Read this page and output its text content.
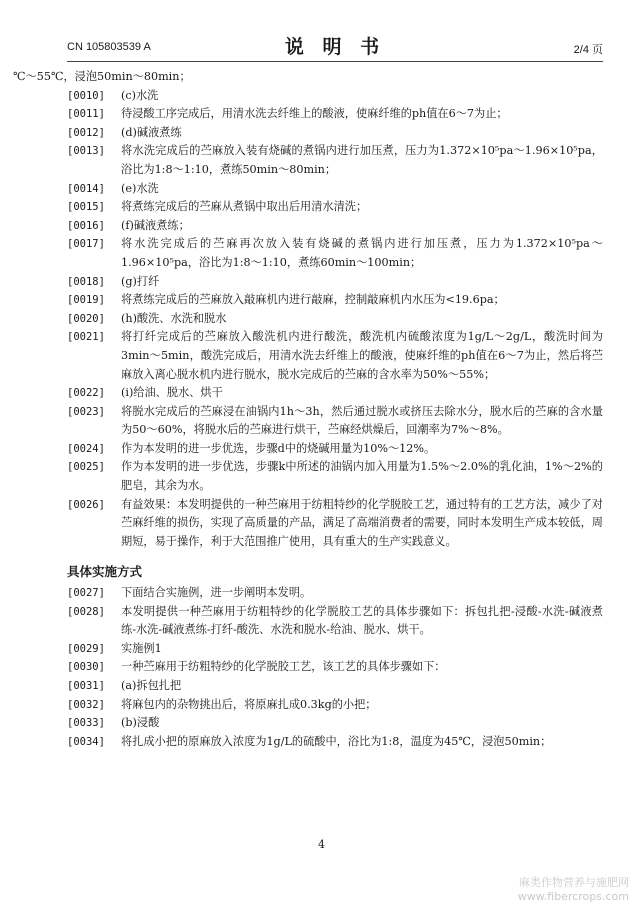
CN 105803539 A	说 明 书	2/4 页
℃～55℃，浸泡50min～80min；
[0010]	(c)水洗
[0011]	待浸酸工序完成后，用清水洗去纤维上的酸液，使麻纤维的ph值在6～7为止；
[0012]	(d)碱液煮练
[0013]	将水洗完成后的苎麻放入装有烧碱的煮锅内进行加压煮，压力为1.372×10⁵pa～1.96×10⁵pa，浴比为1:8～1:10，煮练50min～80min；
[0014]	(e)水洗
[0015]	将煮练完成后的苎麻从煮锅中取出后用清水清洗；
[0016]	(f)碱液煮练；
[0017]	将水洗完成后的苎麻再次放入装有烧碱的煮锅内进行加压煮，压力为1.372×10⁵pa～1.96×10⁵pa，浴比为1:8～1:10，煮练60min～100min；
[0018]	(g)打纤
[0019]	将煮练完成后的苎麻放入敲麻机内进行敲麻，控制敲麻机内水压为<19.6pa；
[0020]	(h)酸洗、水洗和脱水
[0021]	将打纤完成后的苎麻放入酸洗机内进行酸洗，酸洗机内硫酸浓度为1g/L～2g/L，酸洗时间为3min～5min，酸洗完成后，用清水洗去纤维上的酸液，使麻纤维的ph值在6～7为止，然后将苎麻放入离心脱水机内进行脱水，脱水完成后的苎麻的含水率为50%～55%；
[0022]	(i)给油、脱水、烘干
[0023]	将脱水完成后的苎麻浸在油锅内1h～3h，然后通过脱水或挤压去除水分，脱水后的苎麻的含水量为50～60%，将脱水后的苎麻进行烘干，苎麻经烘燥后，回潮率为7%～8%。
[0024]	作为本发明的进一步优选，步骤d中的烧碱用量为10%～12%。
[0025]	作为本发明的进一步优选，步骤k中所述的油锅内加入用量为1.5%～2.0%的乳化油，1%～2%的肥皂，其余为水。
[0026]	有益效果：本发明提供的一种苎麻用于纺粗特纱的化学脱胶工艺，通过特有的工艺方法，减少了对苎麻纤维的损伤，实现了高质量的产品，满足了高端消费者的需要，同时本发明生产成本较低，周期短，易于操作，利于大范围推广使用，具有重大的生产实践意义。
具体实施方式
[0027]	下面结合实施例，进一步阐明本发明。
[0028]	本发明提供一种苎麻用于纺粗特纱的化学脱胶工艺的具体步骤如下：拆包扎把-浸酸-水洗-碱液煮练-水洗-碱液煮练-打纤-酸洗、水洗和脱水-给油、脱水、烘干。
[0029]	实施例1
[0030]	一种苎麻用于纺粗特纱的化学脱胶工艺，该工艺的具体步骤如下：
[0031]	(a)拆包扎把
[0032]	将麻包内的杂物挑出后，将原麻扎成0.3kg的小把；
[0033]	(b)浸酸
[0034]	将扎成小把的原麻放入浓度为1g/L的硫酸中，浴比为1:8，温度为45℃，浸泡50min；
4
麻类作物营养与施肥网
www.fibercrops.com
